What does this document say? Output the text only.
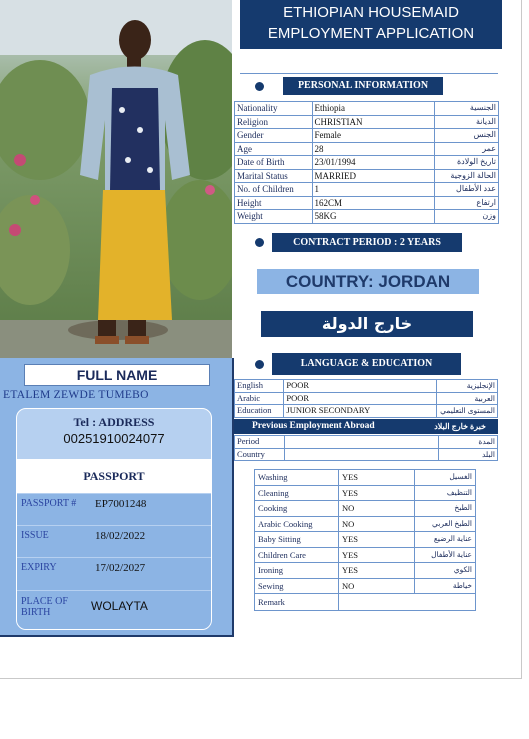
FULL NAME
ETALEM ZEWDE TUMEBO
Tel : ADDRESS
00251910024077
PASSPORT
PASSPORT # EP7001248
ISSUE	18/02/2022
EXPIRY	17/02/2027
PLACE OF
BIRTH	WOLAYTA
ETHIOPIAN HOUSEMAID
EMPLOYMENT APPLICATION
PERSONAL INFORMATION
Nationality	Ethiopia	الجنسية
Religion	CHRISTIAN	الديانة
Gender	Female	الجنس
Age	28	عمر
Date of Birth	23/01/1994	تاريخ الولادة
Marital Status	MARRIED	الحالة الزوجية
No. of Children	1	عدد الأطفال
Height	162CM	ارتفاع
Weight	58KG	وزن
CONTRACT PERIOD : 2 YEARS
COUNTRY: JORDAN
خارج الدولة
LANGUAGE & EDUCATION
English	POOR	الإنجليزية
Arabic	POOR	العربية
Education	JUNIOR SECONDARY	المستوى التعليمي
Previous Employment Abroad	خبرة خارج البلاد
Period		المدة
Country		البلد
Washing	YES	الغسيل
Cleaning	YES	التنظيف
Cooking	NO	الطبخ
Arabic Cooking	NO	الطبخ العربي
Baby Sitting	YES	عناية الرضيع
Children Care	YES	عناية الأطفال
Ironing	YES	الكوي
Sewing	NO	خياطة
Remark		
